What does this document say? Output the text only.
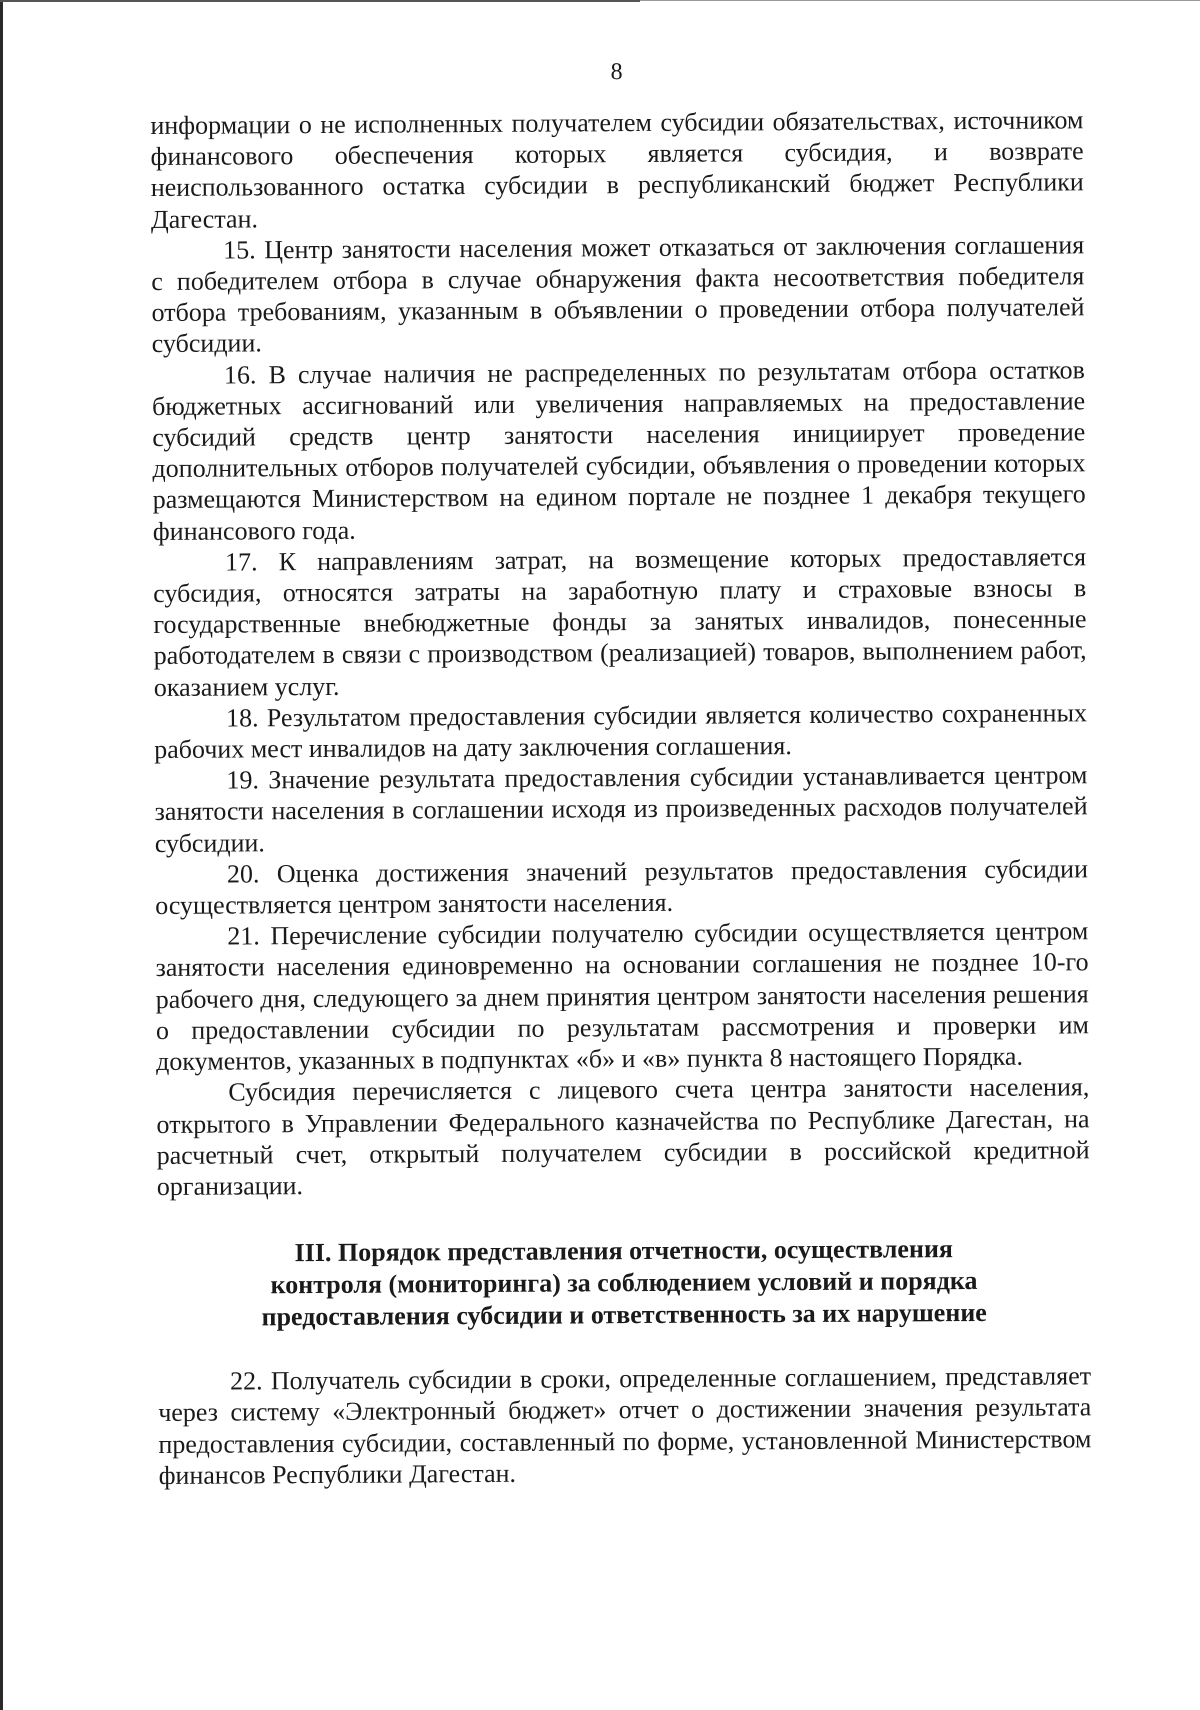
8

информации о не исполненных получателем субсидии обязательствах, источником финансового обеспечения которых является субсидия, и возврате неиспользованного остатка субсидии в республиканский бюджет Республики Дагестан.

15. Центр занятости населения может отказаться от заключения соглашения с победителем отбора в случае обнаружения факта несоответствия победителя отбора требованиям, указанным в объявлении о проведении отбора получателей субсидии.

16. В случае наличия не распределенных по результатам отбора остатков бюджетных ассигнований или увеличения направляемых на предоставление субсидий средств центр занятости населения инициирует проведение дополнительных отборов получателей субсидии, объявления о проведении которых размещаются Министерством на едином портале не позднее 1 декабря текущего финансового года.

17. К направлениям затрат, на возмещение которых предоставляется субсидия, относятся затраты на заработную плату и страховые взносы в государственные внебюджетные фонды за занятых инвалидов, понесенные работодателем в связи с производством (реализацией) товаров, выполнением работ, оказанием услуг.

18. Результатом предоставления субсидии является количество сохраненных рабочих мест инвалидов на дату заключения соглашения.

19. Значение результата предоставления субсидии устанавливается центром занятости населения в соглашении исходя из произведенных расходов получателей субсидии.

20. Оценка достижения значений результатов предоставления субсидии осуществляется центром занятости населения.

21. Перечисление субсидии получателю субсидии осуществляется центром занятости населения единовременно на основании соглашения не позднее 10-го рабочего дня, следующего за днем принятия центром занятости населения решения о предоставлении субсидии по результатам рассмотрения и проверки им документов, указанных в подпунктах «б» и «в» пункта 8 настоящего Порядка.

Субсидия перечисляется с лицевого счета центра занятости населения, открытого в Управлении Федерального казначейства по Республике Дагестан, на расчетный счет, открытый получателем субсидии в российской кредитной организации.

III. Порядок представления отчетности, осуществления
контроля (мониторинга) за соблюдением условий и порядка
предоставления субсидии и ответственность за их нарушение

22. Получатель субсидии в сроки, определенные соглашением, представляет через систему «Электронный бюджет» отчет о достижении значения результата предоставления субсидии, составленный по форме, установленной Министерством финансов Республики Дагестан.
